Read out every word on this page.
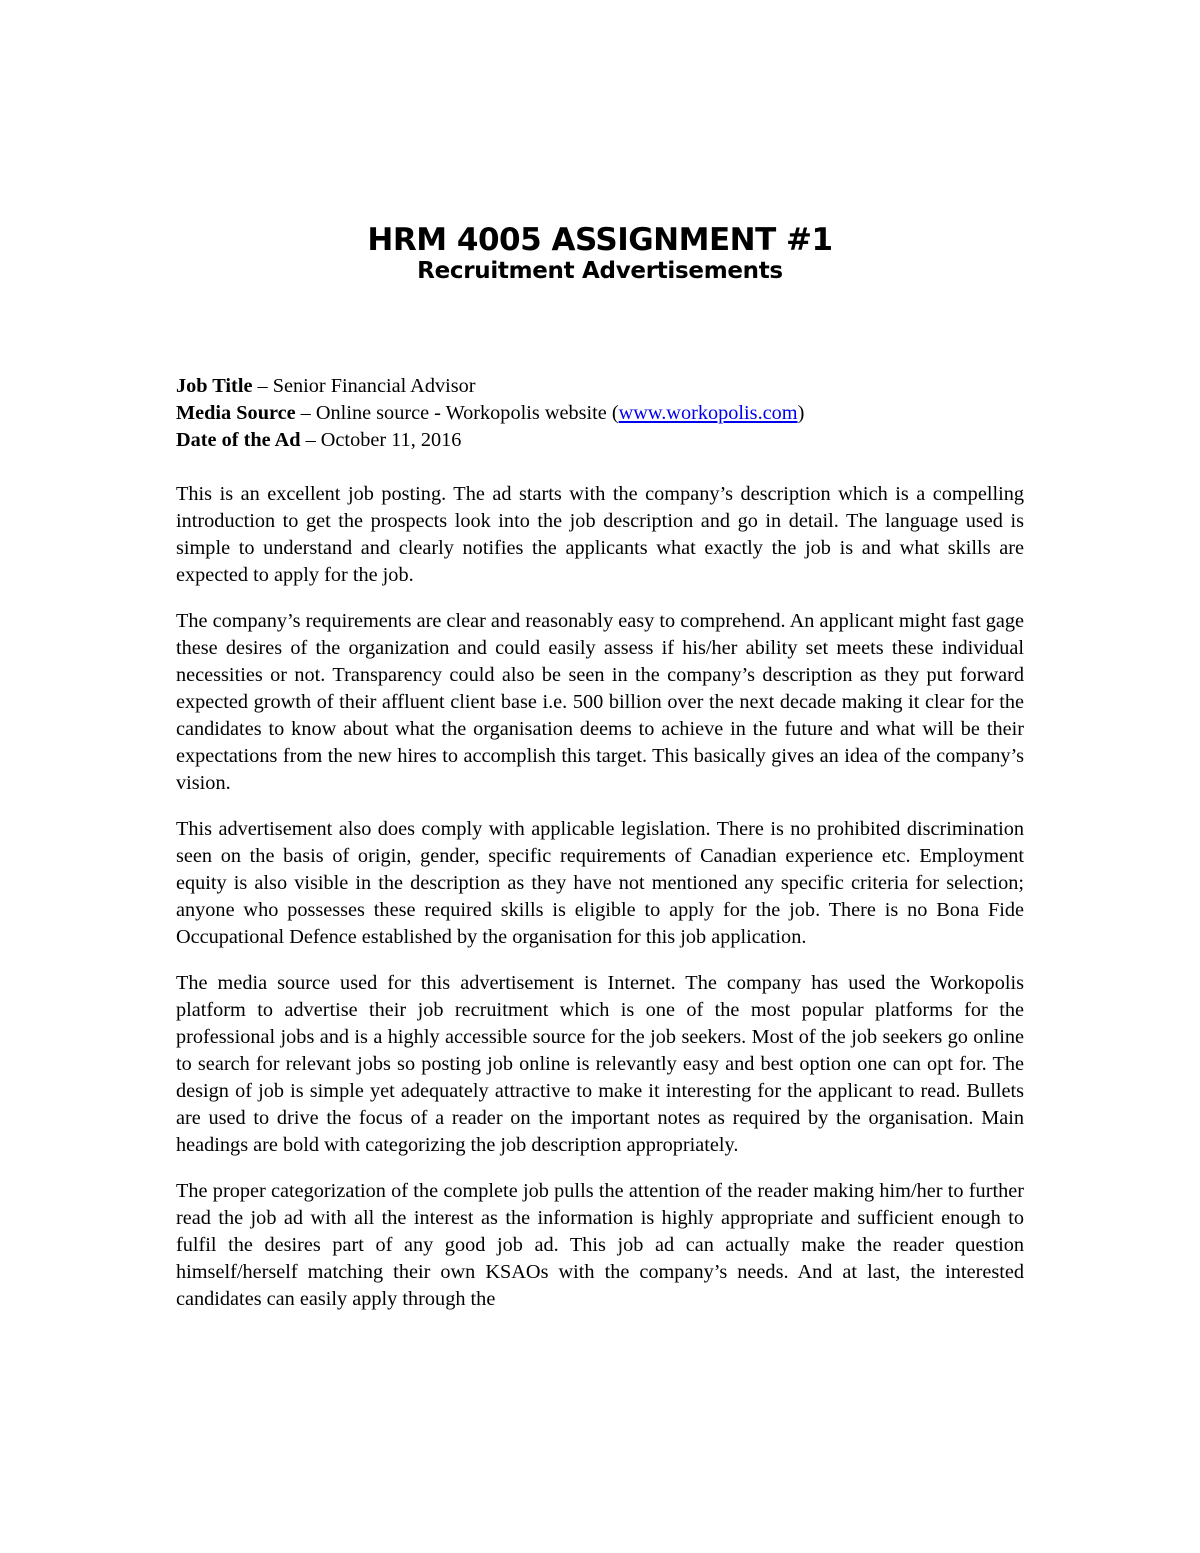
HRM 4005 ASSIGNMENT #1
Recruitment Advertisements

Job Title – Senior Financial Advisor

Media Source – Online source - Workopolis website (www.workopolis.com)

Date of the Ad – October 11, 2016

This is an excellent job posting. The ad starts with the company’s description which is a compelling introduction to get the prospects look into the job description and go in detail. The language used is simple to understand and clearly notifies the applicants what exactly the job is and what skills are expected to apply for the job.

The company’s requirements are clear and reasonably easy to comprehend. An applicant might fast gage these desires of the organization and could easily assess if his/her ability set meets these individual necessities or not. Transparency could also be seen in the company’s description as they put forward expected growth of their affluent client base i.e. 500 billion over the next decade making it clear for the candidates to know about what the organisation deems to achieve in the future and what will be their expectations from the new hires to accomplish this target. This basically gives an idea of the company’s vision.

This advertisement also does comply with applicable legislation. There is no prohibited discrimination seen on the basis of origin, gender, specific requirements of Canadian experience etc. Employment equity is also visible in the description as they have not mentioned any specific criteria for selection; anyone who possesses these required skills is eligible to apply for the job. There is no Bona Fide Occupational Defence established by the organisation for this job application.

The media source used for this advertisement is Internet. The company has used the Workopolis platform to advertise their job recruitment which is one of the most popular platforms for the professional jobs and is a highly accessible source for the job seekers. Most of the job seekers go online to search for relevant jobs so posting job online is relevantly easy and best option one can opt for. The design of job is simple yet adequately attractive to make it interesting for the applicant to read. Bullets are used to drive the focus of a reader on the important notes as required by the organisation. Main headings are bold with categorizing the job description appropriately.

The proper categorization of the complete job pulls the attention of the reader making him/her to further read the job ad with all the interest as the information is highly appropriate and sufficient enough to fulfil the desires part of any good job ad. This job ad can actually make the reader question himself/herself matching their own KSAOs with the company’s needs. And at last, the interested candidates can easily apply through the
